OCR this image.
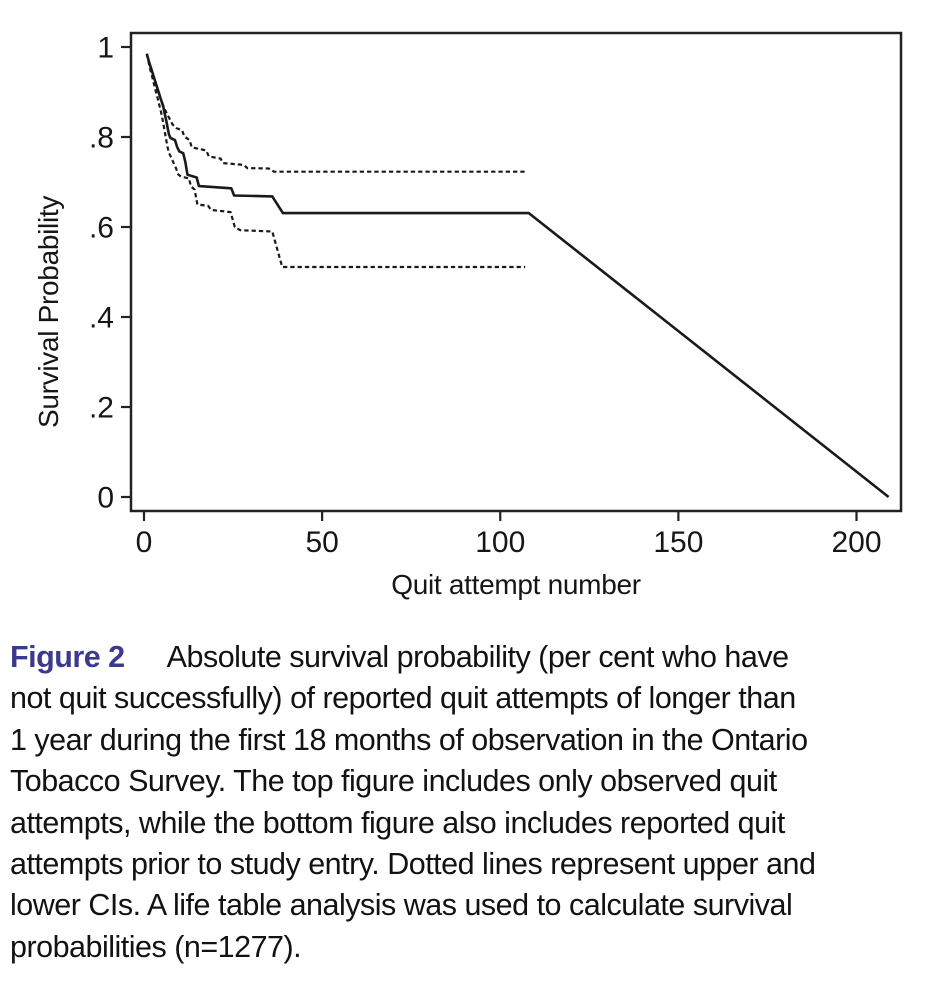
1
.8
.6
.4
.2
0
0	50	100	150	200
Survival Probability
Quit attempt number
Figure 2 Absolute survival probability (per cent who have
not quit successfully) of reported quit attempts of longer than
1 year during the first 18 months of observation in the Ontario
Tobacco Survey. The top figure includes only observed quit
attempts, while the bottom figure also includes reported quit
attempts prior to study entry. Dotted lines represent upper and
lower CIs. A life table analysis was used to calculate survival
probabilities (n=1277).
